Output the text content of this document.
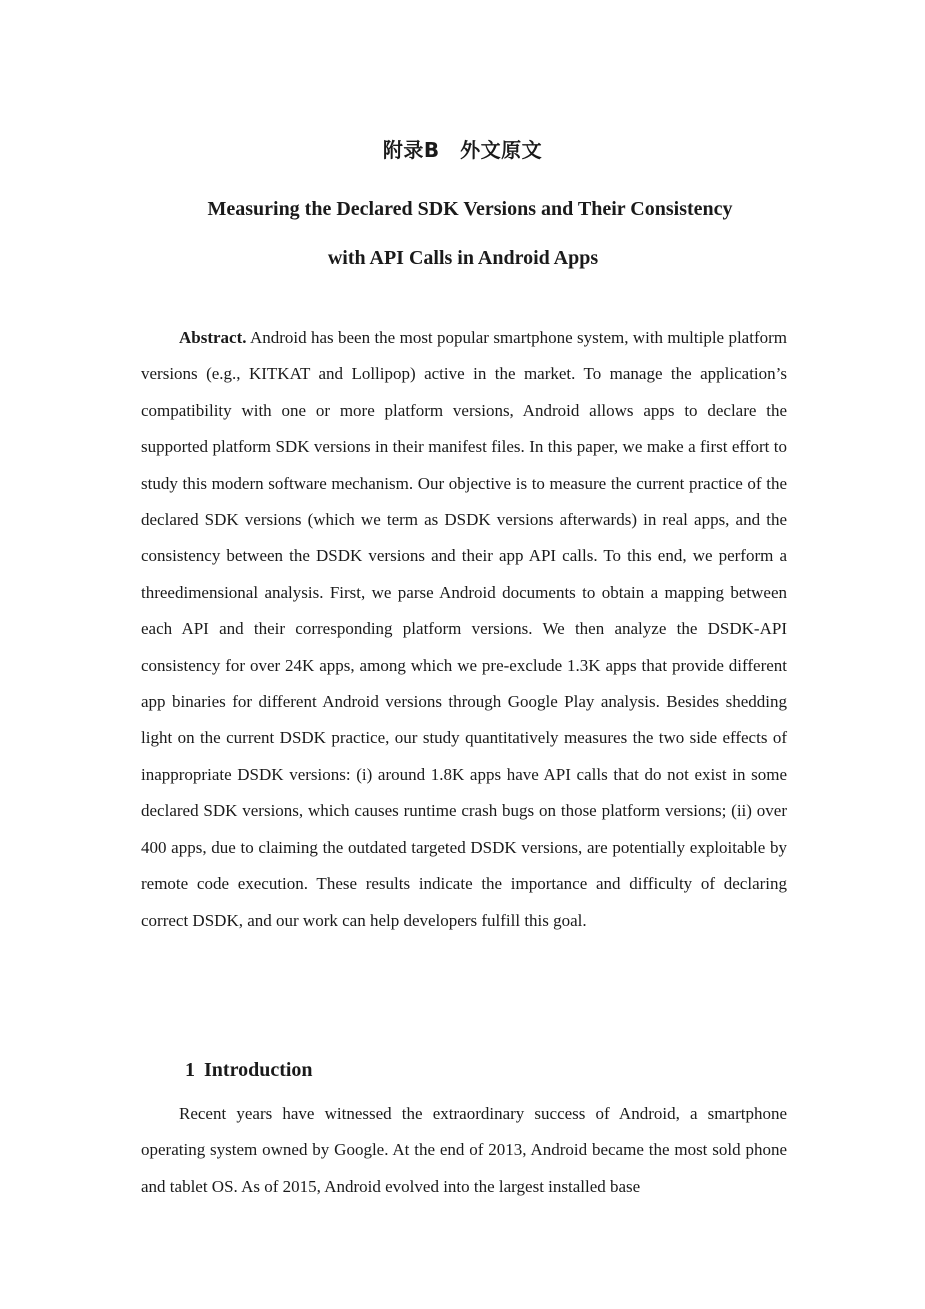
附录B　外文原文
Measuring the Declared SDK Versions and Their Consistency
with API Calls in Android Apps

Abstract. Android has been the most popular smartphone system, with multiple platform versions (e.g., KITKAT and Lollipop) active in the market. To manage the application’s compatibility with one or more platform versions, Android allows apps to declare the supported platform SDK versions in their manifest files. In this paper, we make a first effort to study this modern software mechanism. Our objective is to measure the current practice of the declared SDK versions (which we term as DSDK versions afterwards) in real apps, and the consistency between the DSDK versions and their app API calls. To this end, we perform a threedimensional analysis. First, we parse Android documents to obtain a mapping between each API and their corresponding platform versions. We then analyze the DSDK-API consistency for over 24K apps, among which we pre-exclude 1.3K apps that provide different app binaries for different Android versions through Google Play analysis. Besides shedding light on the current DSDK practice, our study quantitatively measures the two side effects of inappropriate DSDK versions: (i) around 1.8K apps have API calls that do not exist in some declared SDK versions, which causes runtime crash bugs on those platform versions; (ii) over 400 apps, due to claiming the outdated targeted DSDK versions, are potentially exploitable by remote code execution. These results indicate the importance and difficulty of declaring correct DSDK, and our work can help developers fulfill this goal.

1 Introduction

Recent years have witnessed the extraordinary success of Android, a smartphone operating system owned by Google. At the end of 2013, Android became the most sold phone and tablet OS. As of 2015, Android evolved into the largest installed base
